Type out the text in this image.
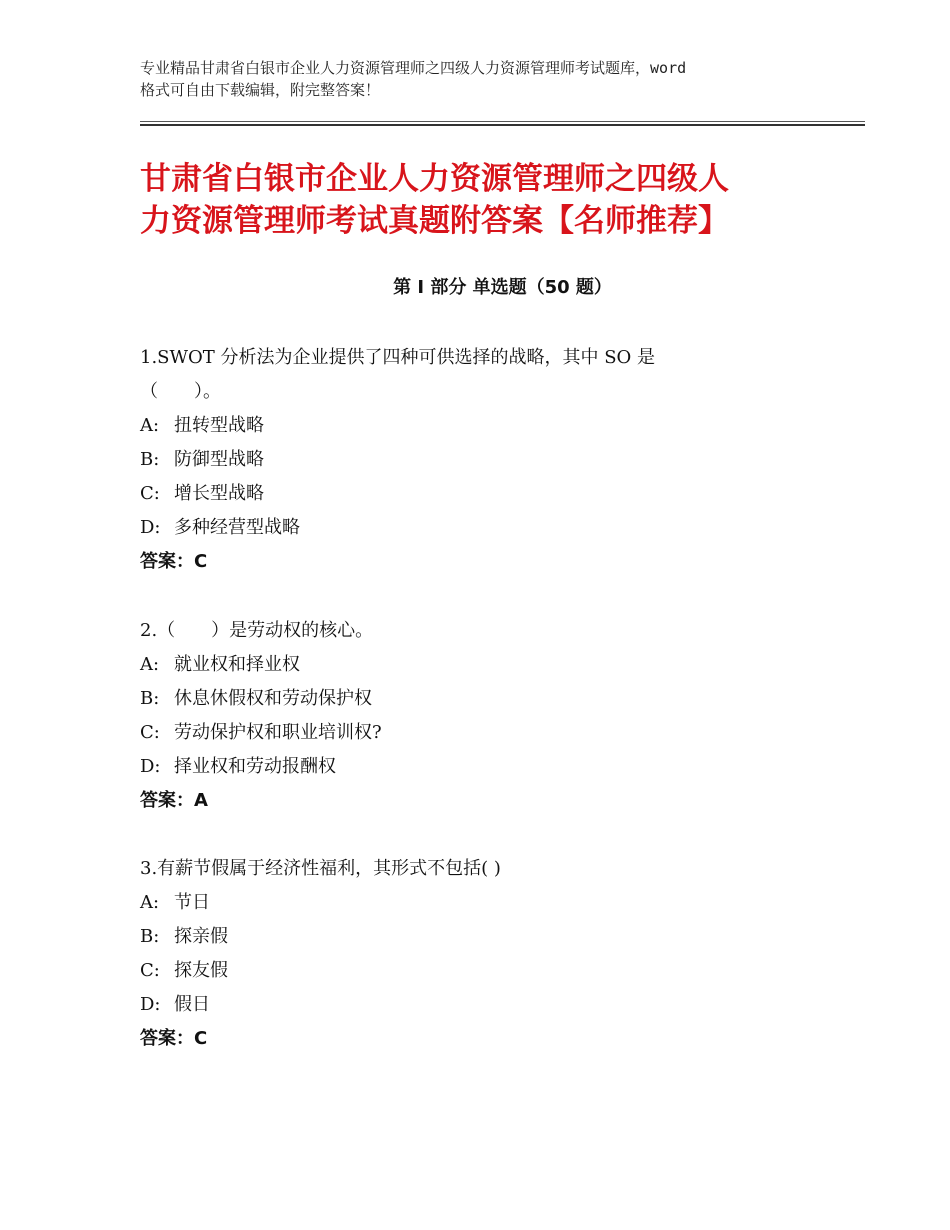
专业精品甘肃省白银市企业人力资源管理师之四级人力资源管理师考试题库，word
格式可自由下载编辑，附完整答案！
甘肃省白银市企业人力资源管理师之四级人
力资源管理师考试真题附答案【名师推荐】
第 I 部分 单选题（50 题）
1.SWOT 分析法为企业提供了四种可供选择的战略，其中 SO 是
（　　）。
A: 扭转型战略
B: 防御型战略
C: 增长型战略
D: 多种经营型战略
答案：C
2.（　　）是劳动权的核心。
A: 就业权和择业权
B: 休息休假权和劳动保护权
C: 劳动保护权和职业培训权?
D: 择业权和劳动报酬权
答案：A
3.有薪节假属于经济性福利，其形式不包括( )
A: 节日
B: 探亲假
C: 探友假
D: 假日
答案：C
